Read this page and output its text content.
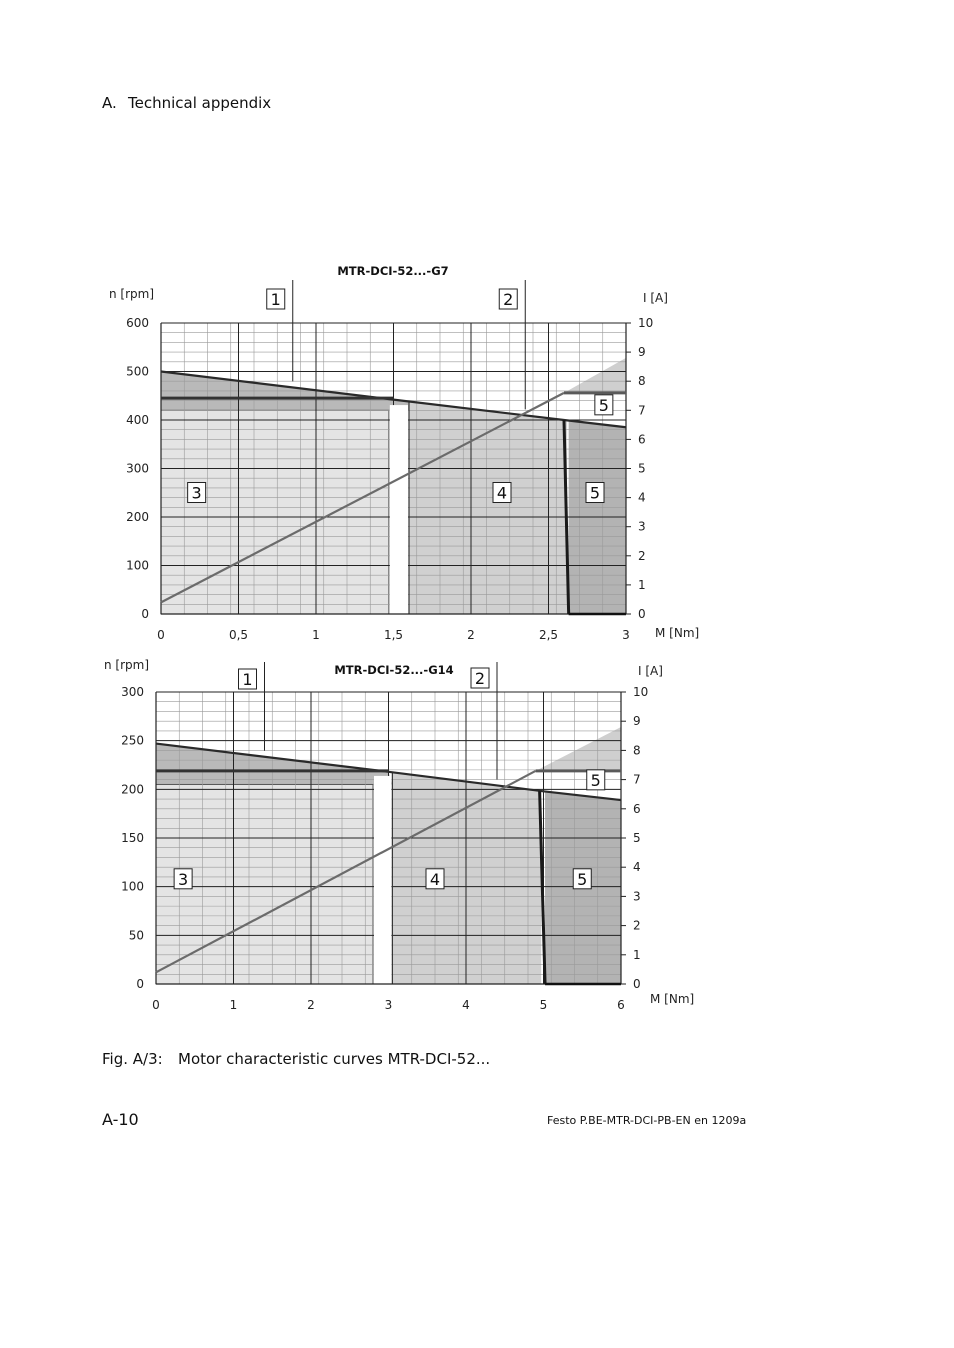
A. Technical appendix
0	0,5	1	1,5	2	2,5	3
0
100
200
300
400
500
600
0
1
2
3
4
5
6
7
8
9
10
MTR-DCI-52...-G7
n [rpm]	I [A]
M [Nm]
1	2
3	4	5
5
0	1	2	3	4	5	6
0
50
100
150
200
250
300
0
1
2
3
4
5
6
7
8
9
10
MTR-DCI-52...-G14
n [rpm]	I [A]
M [Nm]
1	2
3	4	5
5
Fig. A/3: Motor characteristic curves MTR-DCI-52...
A-10	Festo P.BE-MTR-DCI-PB-EN en 1209a
